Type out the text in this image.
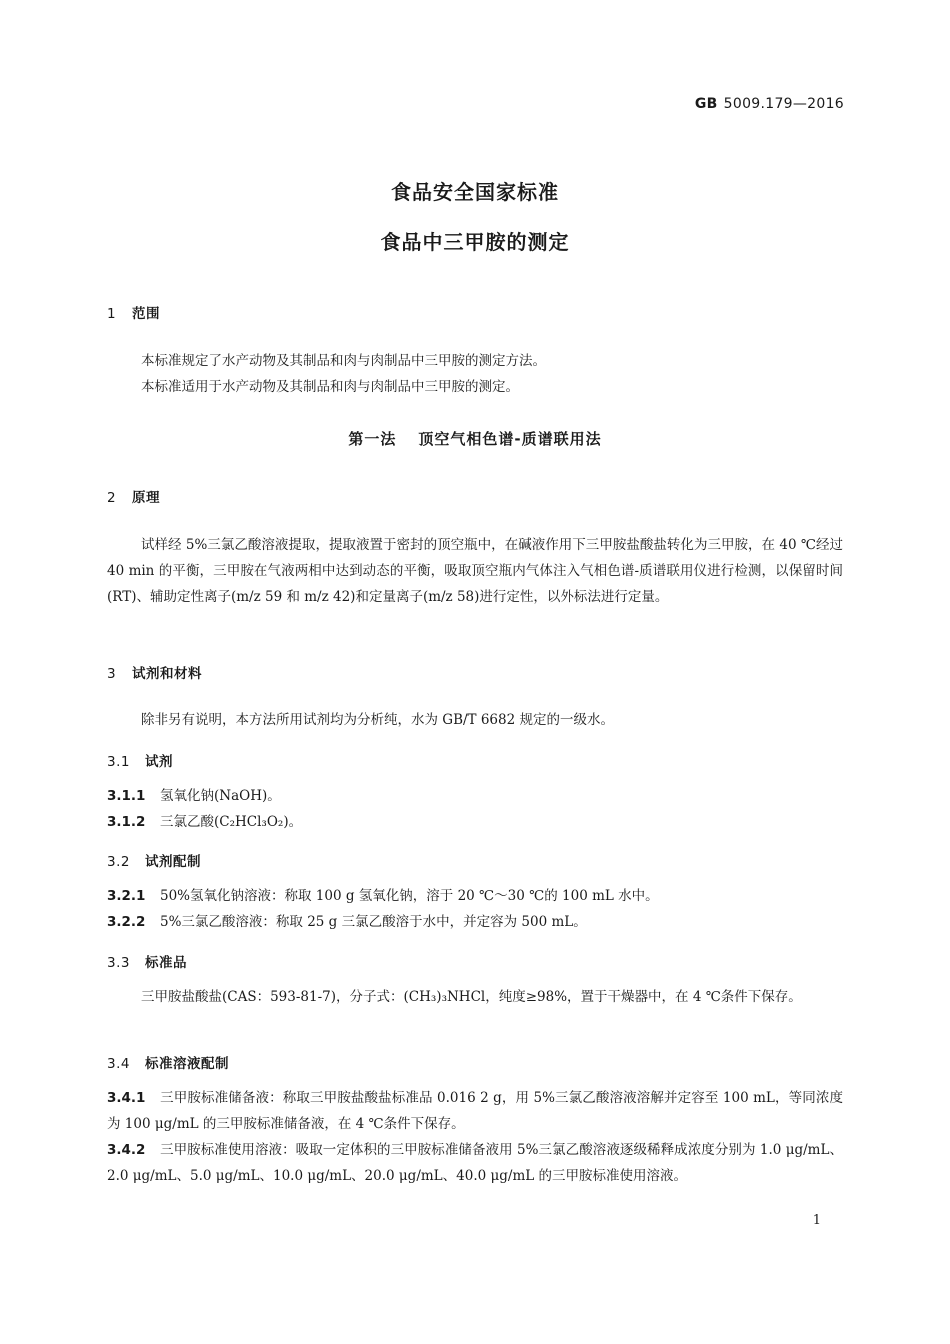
GB 5009.179—2016
食品安全国家标准
食品中三甲胺的测定
1 范围
本标准规定了水产动物及其制品和肉与肉制品中三甲胺的测定方法。
本标准适用于水产动物及其制品和肉与肉制品中三甲胺的测定。
第一法 顶空气相色谱-质谱联用法
2 原理
试样经 5%三氯乙酸溶液提取，提取液置于密封的顶空瓶中，在碱液作用下三甲胺盐酸盐转化为三甲胺，在 40 ℃经过 40 min 的平衡，三甲胺在气液两相中达到动态的平衡，吸取顶空瓶内气体注入气相色谱-质谱联用仪进行检测，以保留时间(RT)、辅助定性离子(m/z 59 和 m/z 42)和定量离子(m/z 58)进行定性，以外标法进行定量。
3 试剂和材料
除非另有说明，本方法所用试剂均为分析纯，水为 GB/T 6682 规定的一级水。
3.1 试剂
3.1.1 氢氧化钠(NaOH)。
3.1.2 三氯乙酸(C₂HCl₃O₂)。
3.2 试剂配制
3.2.1 50%氢氧化钠溶液：称取 100 g 氢氧化钠，溶于 20 ℃～30 ℃的 100 mL 水中。
3.2.2 5%三氯乙酸溶液：称取 25 g 三氯乙酸溶于水中，并定容为 500 mL。
3.3 标准品
三甲胺盐酸盐(CAS：593-81-7)，分子式：(CH₃)₃NHCl，纯度≥98%，置于干燥器中，在 4 ℃条件下保存。
3.4 标准溶液配制
3.4.1 三甲胺标准储备液：称取三甲胺盐酸盐标准品 0.016 2 g，用 5%三氯乙酸溶液溶解并定容至 100 mL，等同浓度为 100 μg/mL 的三甲胺标准储备液，在 4 ℃条件下保存。
3.4.2 三甲胺标准使用溶液：吸取一定体积的三甲胺标准储备液用 5%三氯乙酸溶液逐级稀释成浓度分别为 1.0 μg/mL、2.0 μg/mL、5.0 μg/mL、10.0 μg/mL、20.0 μg/mL、40.0 μg/mL 的三甲胺标准使用溶液。
1
